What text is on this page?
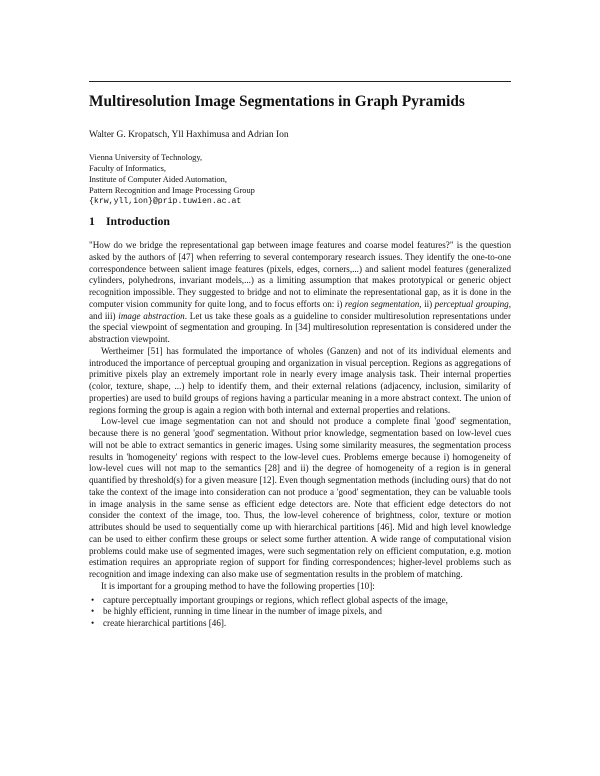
Multiresolution Image Segmentations in Graph Pyramids
Walter G. Kropatsch, Yll Haxhimusa and Adrian Ion
Vienna University of Technology,
Faculty of Informatics,
Institute of Computer Aided Automation,
Pattern Recognition and Image Processing Group
{krw,yll,ion}@prip.tuwien.ac.at
1 Introduction

"How do we bridge the representational gap between image features and coarse model features?" is the question asked by the authors of [47] when referring to several contemporary research issues. They identify the one-to-one correspondence between salient image features (pixels, edges, corners,...) and salient model features (generalized cylinders, polyhedrons, invariant models,...) as a limiting assumption that makes prototypical or generic object recognition impossible. They suggested to bridge and not to eliminate the representational gap, as it is done in the computer vision community for quite long, and to focus efforts on: i) region segmentation, ii) perceptual grouping, and iii) image abstraction. Let us take these goals as a guideline to consider multiresolution representations under the special viewpoint of segmentation and grouping. In [34] multiresolution representation is considered under the abstraction viewpoint.

Wertheimer [51] has formulated the importance of wholes (Ganzen) and not of its individual elements and introduced the importance of perceptual grouping and organization in visual perception. Regions as aggregations of primitive pixels play an extremely important role in nearly every image analysis task. Their internal properties (color, texture, shape, ...) help to identify them, and their external relations (adjacency, inclusion, similarity of properties) are used to build groups of regions having a particular meaning in a more abstract context. The union of regions forming the group is again a region with both internal and external properties and relations.

Low-level cue image segmentation can not and should not produce a complete final 'good' segmentation, because there is no general 'good' segmentation. Without prior knowledge, segmentation based on low-level cues will not be able to extract semantics in generic images. Using some similarity measures, the segmentation process results in 'homogeneity' regions with respect to the low-level cues. Problems emerge because i) homogeneity of low-level cues will not map to the semantics [28] and ii) the degree of homogeneity of a region is in general quantified by threshold(s) for a given measure [12]. Even though segmentation methods (including ours) that do not take the context of the image into consideration can not produce a 'good' segmentation, they can be valuable tools in image analysis in the same sense as efficient edge detectors are. Note that efficient edge detectors do not consider the context of the image, too. Thus, the low-level coherence of brightness, color, texture or motion attributes should be used to sequentially come up with hierarchical partitions [46]. Mid and high level knowledge can be used to either confirm these groups or select some further attention. A wide range of computational vision problems could make use of segmented images, were such segmentation rely on efficient computation, e.g. motion estimation requires an appropriate region of support for finding correspondences; higher-level problems such as recognition and image indexing can also make use of segmentation results in the problem of matching.

It is important for a grouping method to have the following properties [10]:

• capture perceptually important groupings or regions, which reflect global aspects of the image,
• be highly efficient, running in time linear in the number of image pixels, and
• create hierarchical partitions [46].
